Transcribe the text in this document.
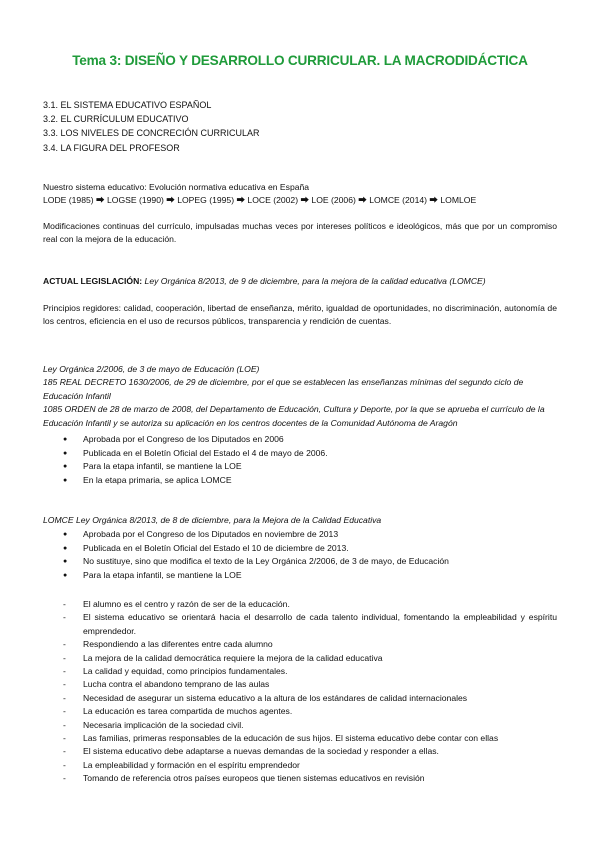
Tema 3: DISEÑO Y DESARROLLO CURRICULAR. LA MACRODIDÁCTICA
3.1. EL SISTEMA EDUCATIVO ESPAÑOL
3.2. EL CURRÍCULUM EDUCATIVO
3.3. LOS NIVELES DE CONCRECIÓN CURRICULAR
3.4. LA FIGURA DEL PROFESOR
Nuestro sistema educativo: Evolución normativa educativa en España
LODE (1985) ⮕ LOGSE (1990) ⮕ LOPEG (1995) ⮕ LOCE (2002) ⮕ LOE (2006) ⮕ LOMCE (2014) ⮕ LOMLOE
Modificaciones continuas del currículo, impulsadas muchas veces por intereses políticos e ideológicos, más que por un compromiso real con la mejora de la educación.
ACTUAL LEGISLACIÓN: Ley Orgánica 8/2013, de 9 de diciembre, para la mejora de la calidad educativa (LOMCE)
Principios regidores: calidad, cooperación, libertad de enseñanza, mérito, igualdad de oportunidades, no discriminación, autonomía de los centros, eficiencia en el uso de recursos públicos, transparencia y rendición de cuentas.
Ley Orgánica 2/2006, de 3 de mayo de Educación (LOE)
185 REAL DECRETO 1630/2006, de 29 de diciembre, por el que se establecen las enseñanzas mínimas del segundo ciclo de Educación Infantil
1085 ORDEN de 28 de marzo de 2008, del Departamento de Educación, Cultura y Deporte, por la que se aprueba el currículo de la Educación Infantil y se autoriza su aplicación en los centros docentes de la Comunidad Autónoma de Aragón
● Aprobada por el Congreso de los Diputados en 2006
● Publicada en el Boletín Oficial del Estado el 4 de mayo de 2006.
● Para la etapa infantil, se mantiene la LOE
● En la etapa primaria, se aplica LOMCE
LOMCE Ley Orgánica 8/2013, de 8 de diciembre, para la Mejora de la Calidad Educativa
● Aprobada por el Congreso de los Diputados en noviembre de 2013
● Publicada en el Boletín Oficial del Estado el 10 de diciembre de 2013.
● No sustituye, sino que modifica el texto de la Ley Orgánica 2/2006, de 3 de mayo, de Educación
● Para la etapa infantil, se mantiene la LOE
- El alumno es el centro y razón de ser de la educación.
- El sistema educativo se orientará hacia el desarrollo de cada talento individual, fomentando la empleabilidad y espíritu emprendedor.
- Respondiendo a las diferentes entre cada alumno
- La mejora de la calidad democrática requiere la mejora de la calidad educativa
- La calidad y equidad, como principios fundamentales.
- Lucha contra el abandono temprano de las aulas
- Necesidad de asegurar un sistema educativo a la altura de los estándares de calidad internacionales
- La educación es tarea compartida de muchos agentes.
- Necesaria implicación de la sociedad civil.
- Las familias, primeras responsables de la educación de sus hijos. El sistema educativo debe contar con ellas
- El sistema educativo debe adaptarse a nuevas demandas de la sociedad y responder a ellas.
- La empleabilidad y formación en el espíritu emprendedor
- Tomando de referencia otros países europeos que tienen sistemas educativos en revisión
